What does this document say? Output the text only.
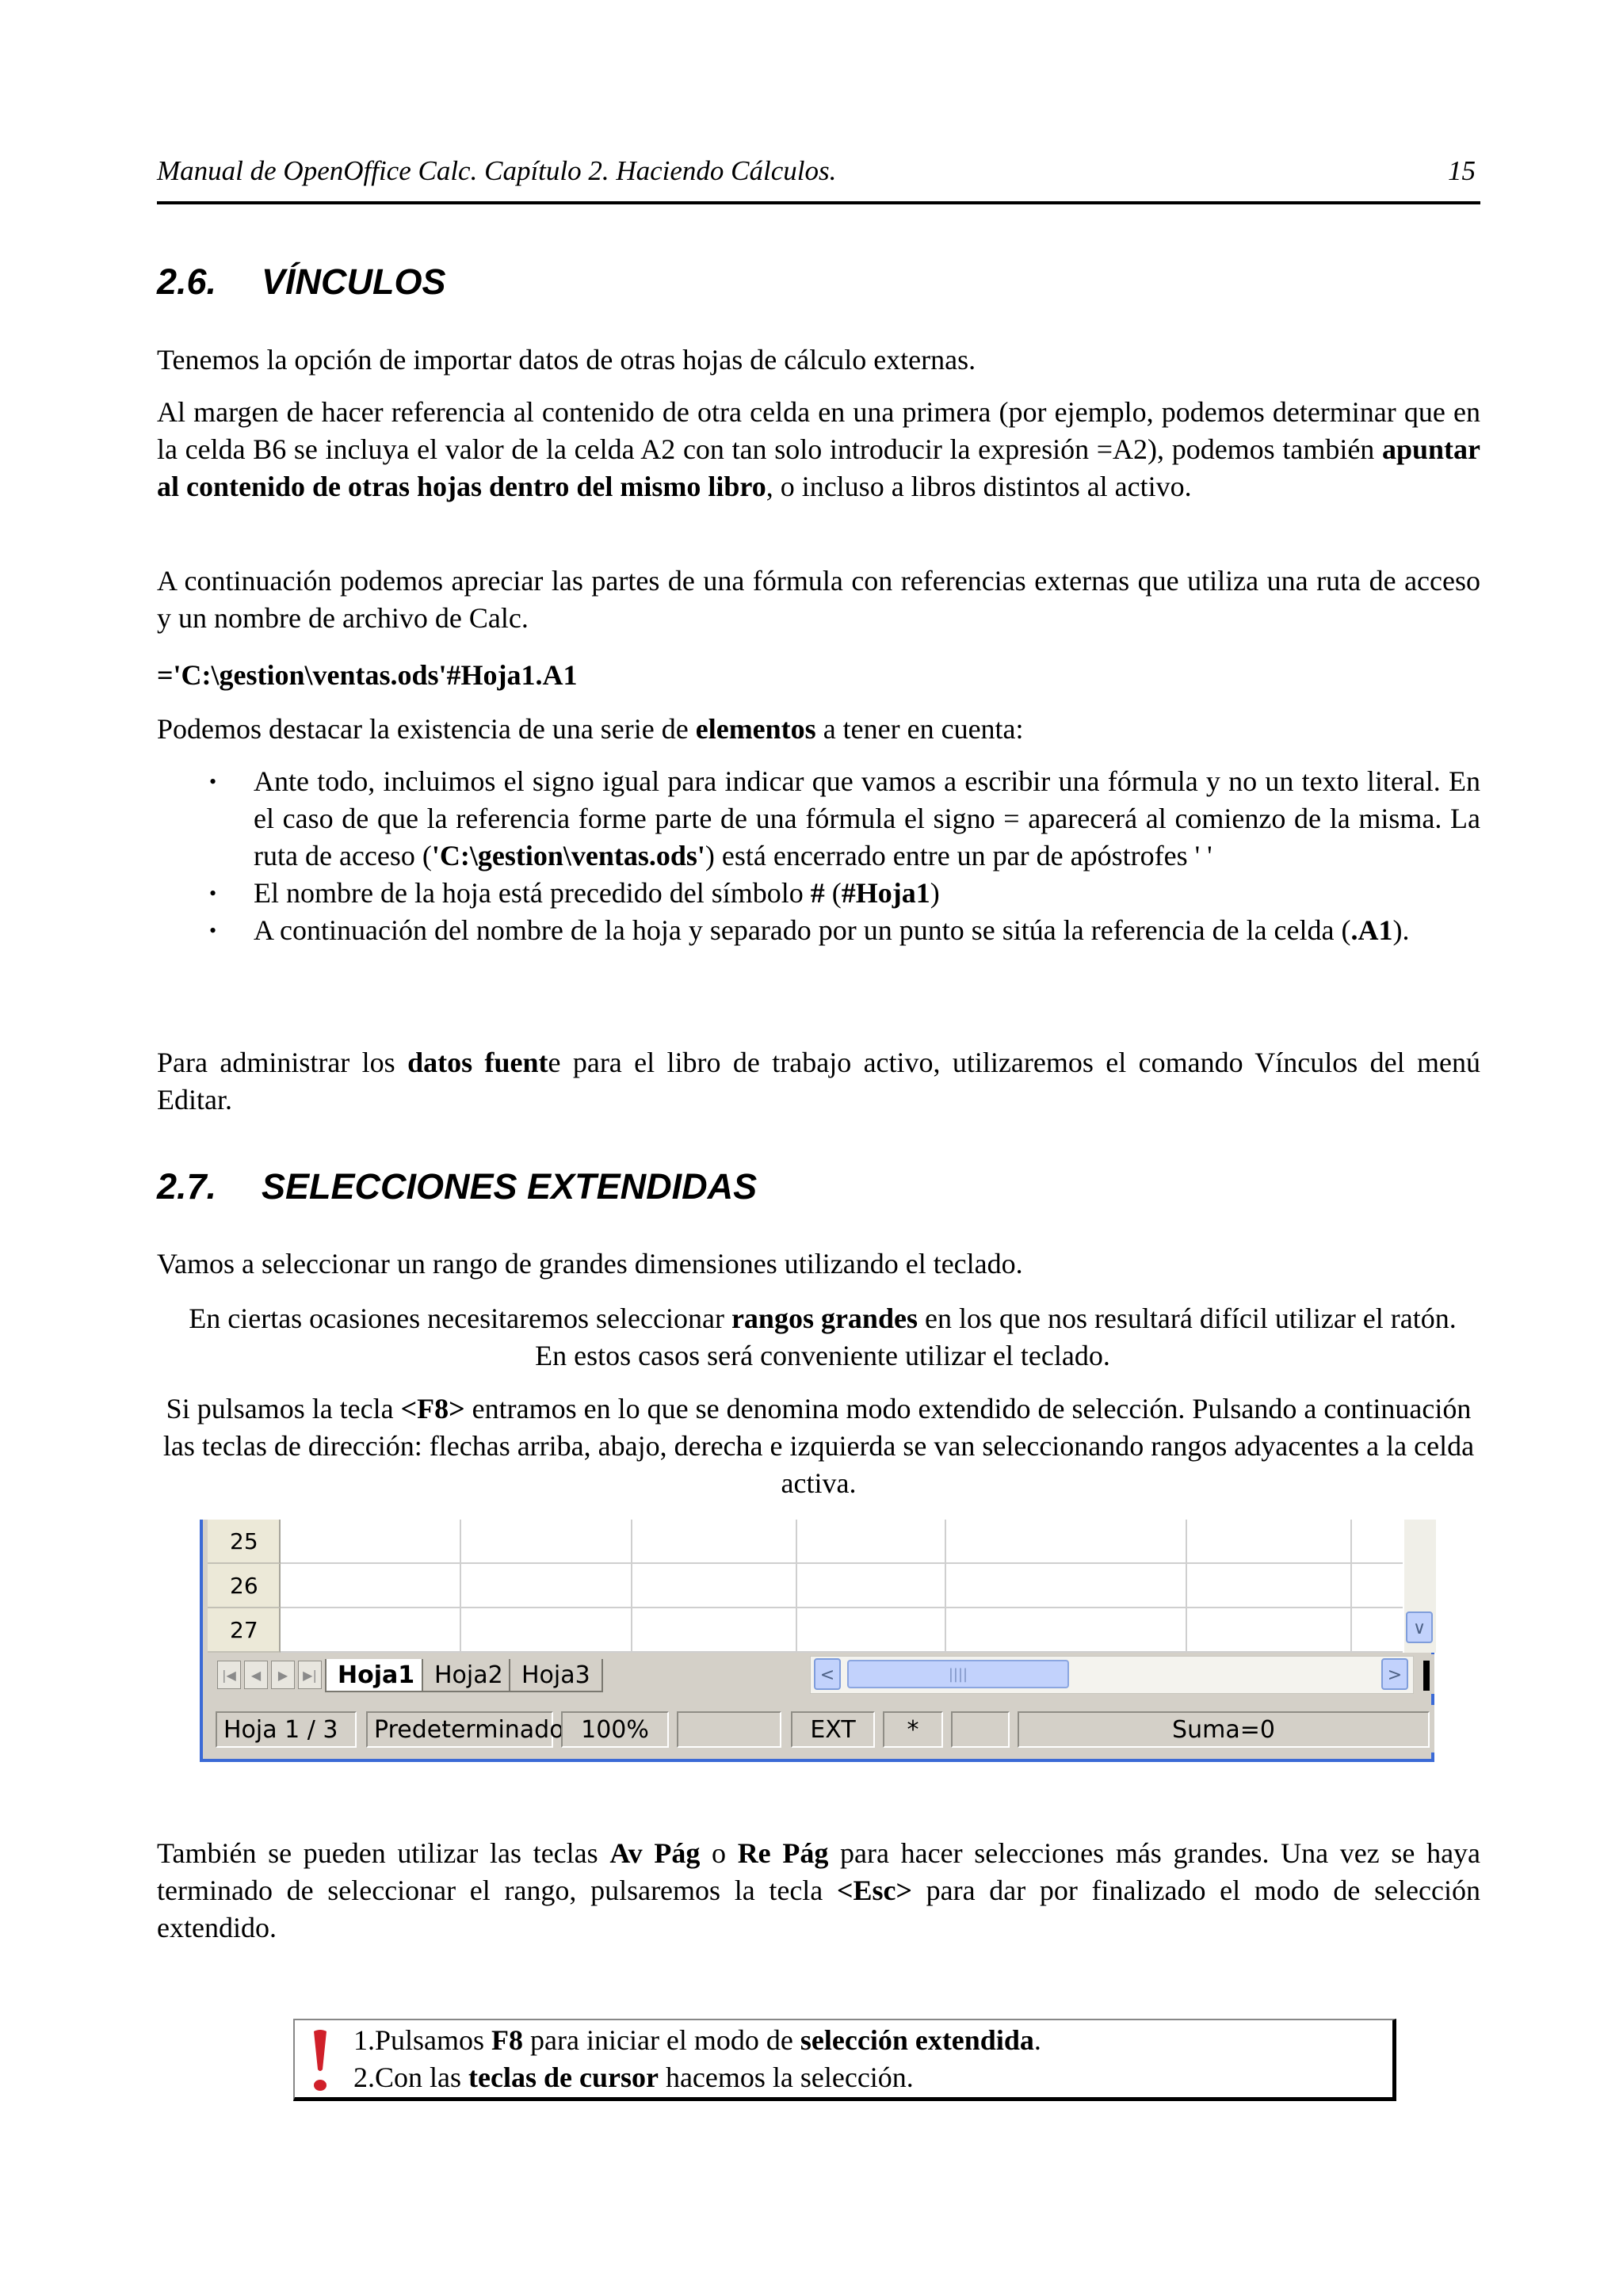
Manual de OpenOffice Calc. Capítulo 2. Haciendo Cálculos.	15
2.6. VÍNCULOS

Tenemos la opción de importar datos de otras hojas de cálculo externas.

Al margen de hacer referencia al contenido de otra celda en una primera (por ejemplo, podemos determinar que en la celda B6 se incluya el valor de la celda A2 con tan solo introducir la expresión =A2), podemos también apuntar al contenido de otras hojas dentro del mismo libro, o incluso a libros distintos al activo.

A continuación podemos apreciar las partes de una fórmula con referencias externas que utiliza una ruta de acceso y un nombre de archivo de Calc.

='C:\gestion\ventas.ods'#Hoja1.A1

Podemos destacar la existencia de una serie de elementos a tener en cuenta:

• Ante todo, incluimos el signo igual para indicar que vamos a escribir una fórmula y no un texto literal. En el caso de que la referencia forme parte de una fórmula el signo = aparecerá al comienzo de la misma. La ruta de acceso ('C:\gestion\ventas.ods') está encerrado entre un par de apóstrofes ' '
• El nombre de la hoja está precedido del símbolo # (#Hoja1)
• A continuación del nombre de la hoja y separado por un punto se sitúa la referencia de la celda (.A1).

Para administrar los datos fuente para el libro de trabajo activo, utilizaremos el comando Vínculos del menú Editar.

2.7. SELECCIONES EXTENDIDAS

Vamos a seleccionar un rango de grandes dimensiones utilizando el teclado.

En ciertas ocasiones necesitaremos seleccionar rangos grandes en los que nos resultará difícil utilizar el ratón. En estos casos será conveniente utilizar el teclado.

Si pulsamos la tecla <F8> entramos en lo que se denomina modo extendido de selección. Pulsando a continuación las teclas de dirección: flechas arriba, abajo, derecha e izquierda se van seleccionando rangos adyacentes a la celda activa.

También se pueden utilizar las teclas Av Pág o Re Pág para hacer selecciones más grandes. Una vez se haya terminado de seleccionar el rango, pulsaremos la tecla <Esc> para dar por finalizado el modo de selección extendido.

25
26
27	∨
|◀	◀	▶	▶| Hoja1 Hoja2 Hoja3	<	||||	>
Hoja 1 / 3	Predeterminado 100%	EXT	*	Suma=0
1.Pulsamos F8 para iniciar el modo de selección extendida.
2.Con las teclas de cursor hacemos la selección.
